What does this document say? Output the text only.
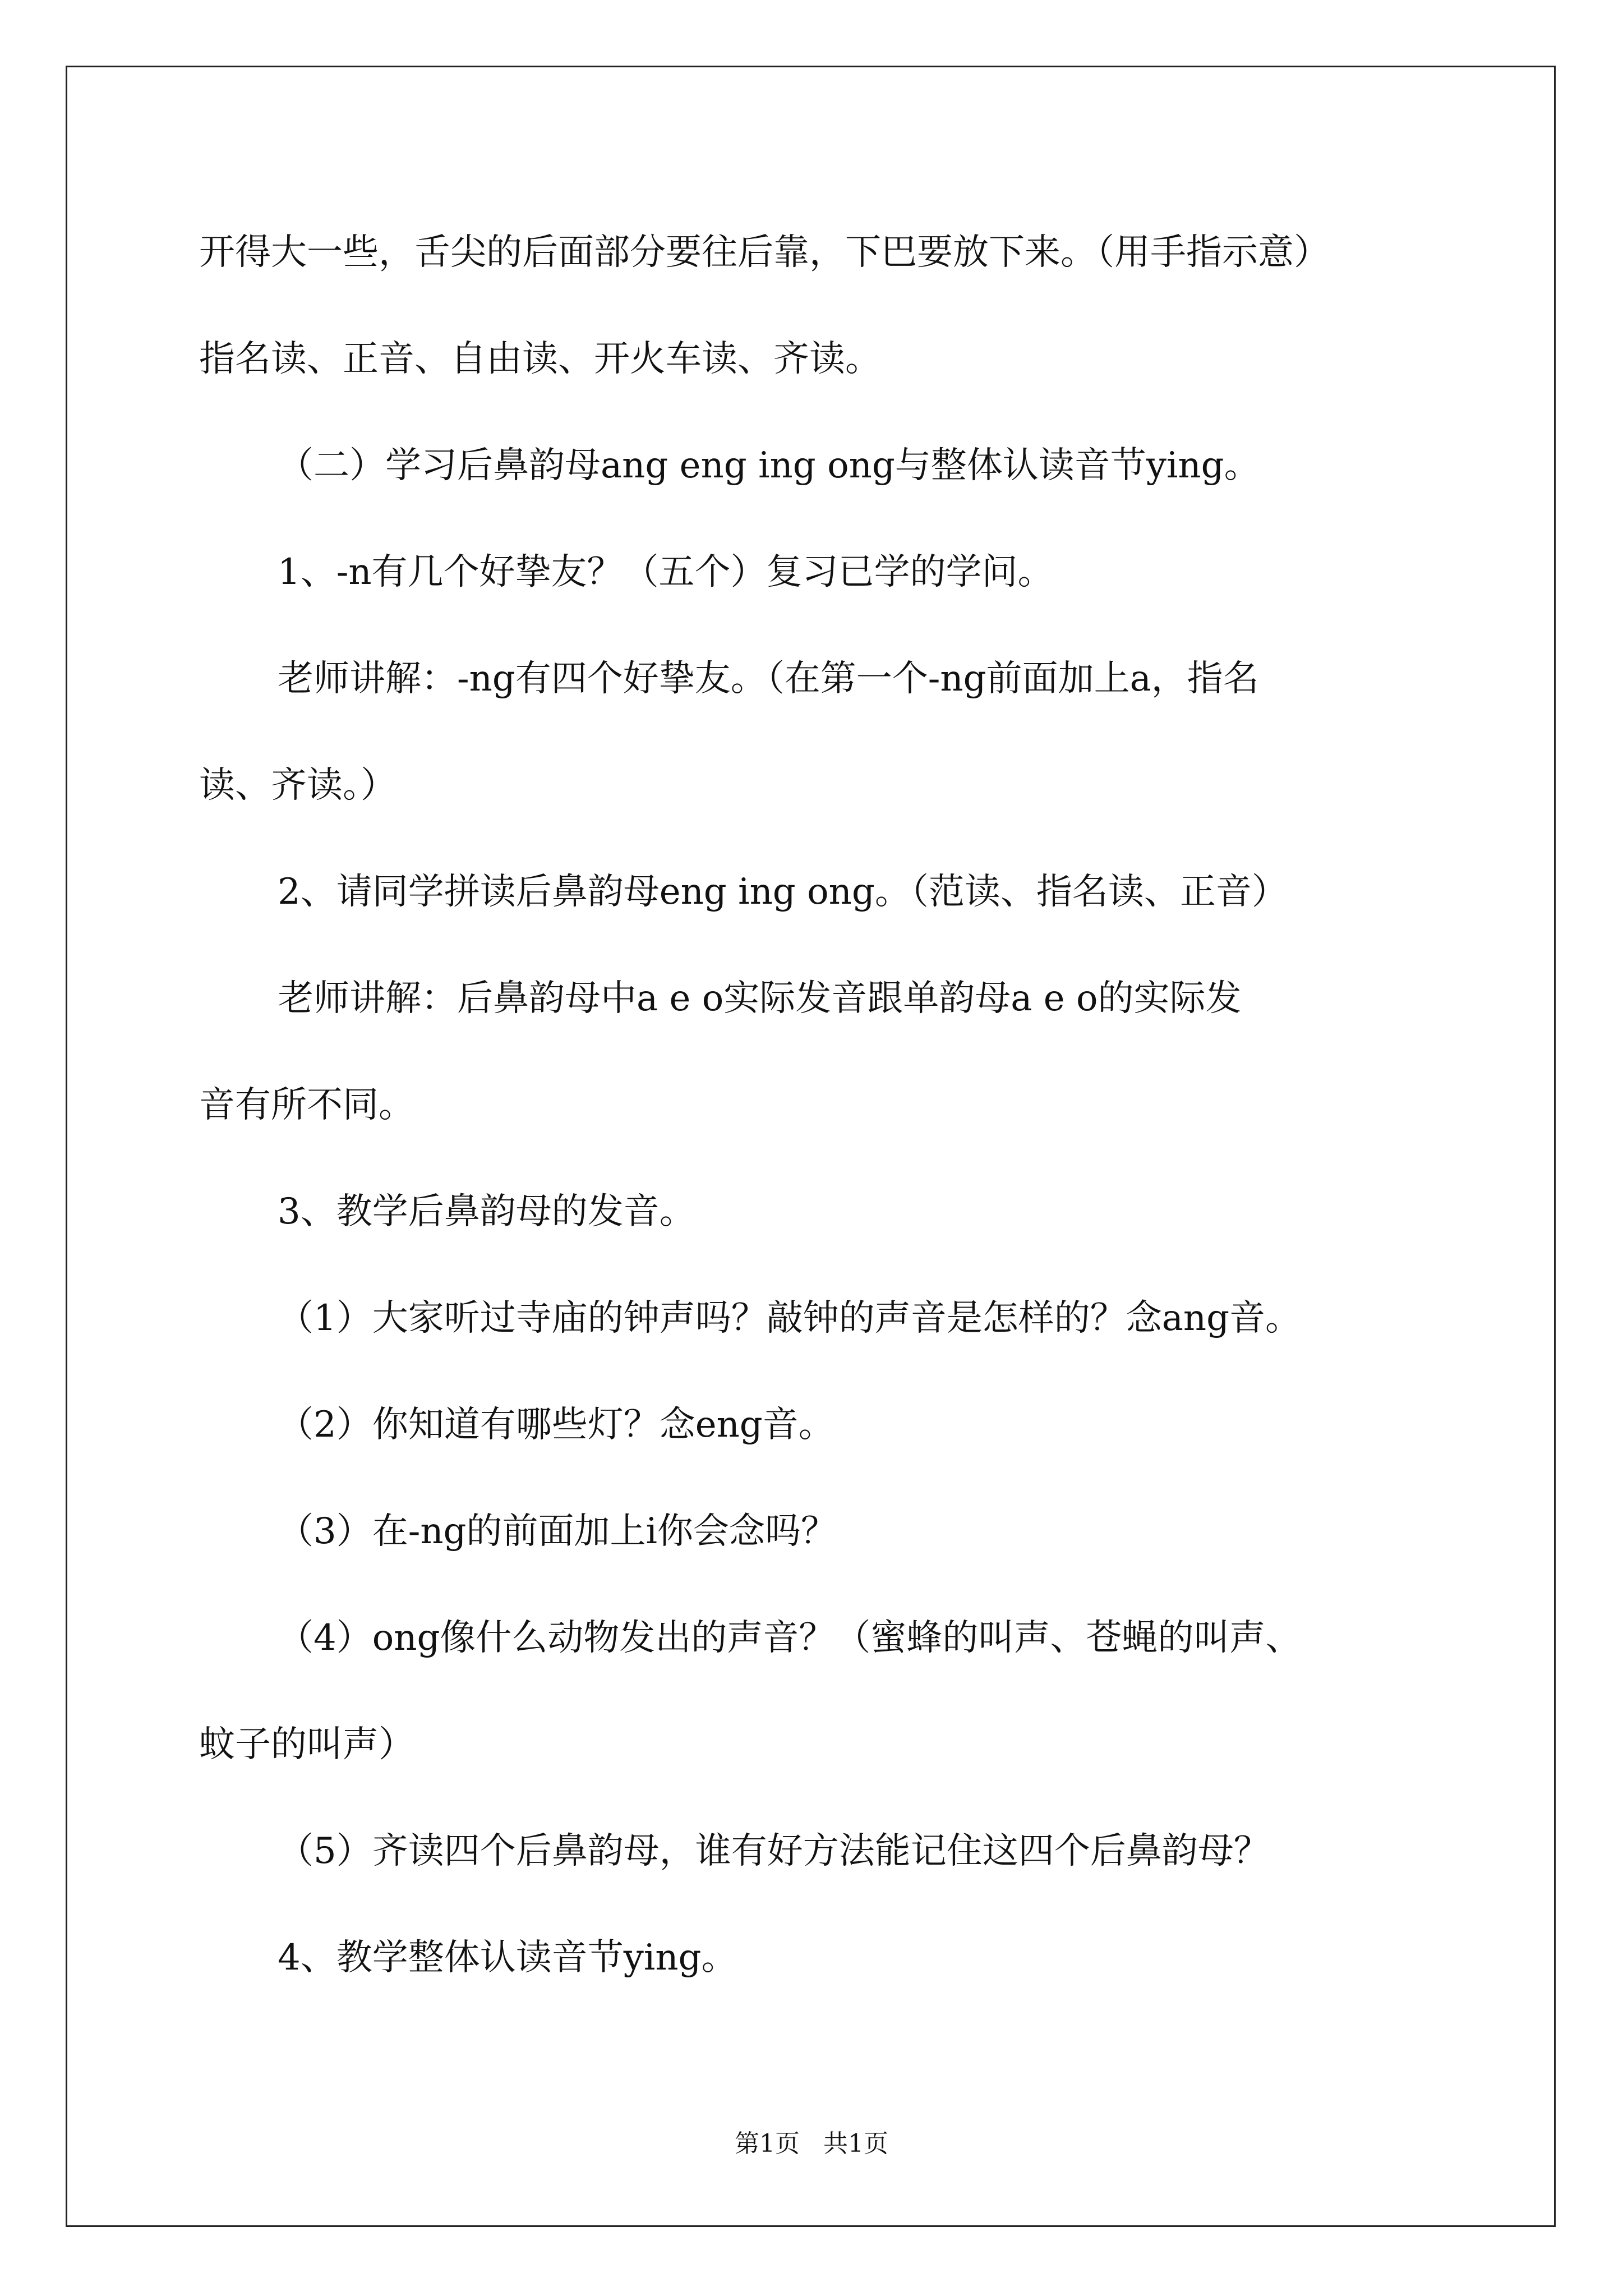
开得大一些，舌尖的后面部分要往后靠，下巴要放下来。（用手指示意）

指名读、正音、自由读、开火车读、齐读。

（二）学习后鼻韵母ang eng ing ong与整体认读音节ying。

1、-n有几个好挚友？（五个）复习已学的学问。

老师讲解：-ng有四个好挚友。（在第一个-ng前面加上a，指名

读、齐读。）

2、请同学拼读后鼻韵母eng ing ong。（范读、指名读、正音）

老师讲解：后鼻韵母中a e o实际发音跟单韵母a e o的实际发

音有所不同。

3、教学后鼻韵母的发音。

（1）大家听过寺庙的钟声吗？敲钟的声音是怎样的？念ang音。

（2）你知道有哪些灯？念eng音。

（3）在-ng的前面加上i你会念吗？

（4）ong像什么动物发出的声音？（蜜蜂的叫声、苍蝇的叫声、

蚊子的叫声）

（5）齐读四个后鼻韵母，谁有好方法能记住这四个后鼻韵母？

4、教学整体认读音节ying。

第1页   共1页
